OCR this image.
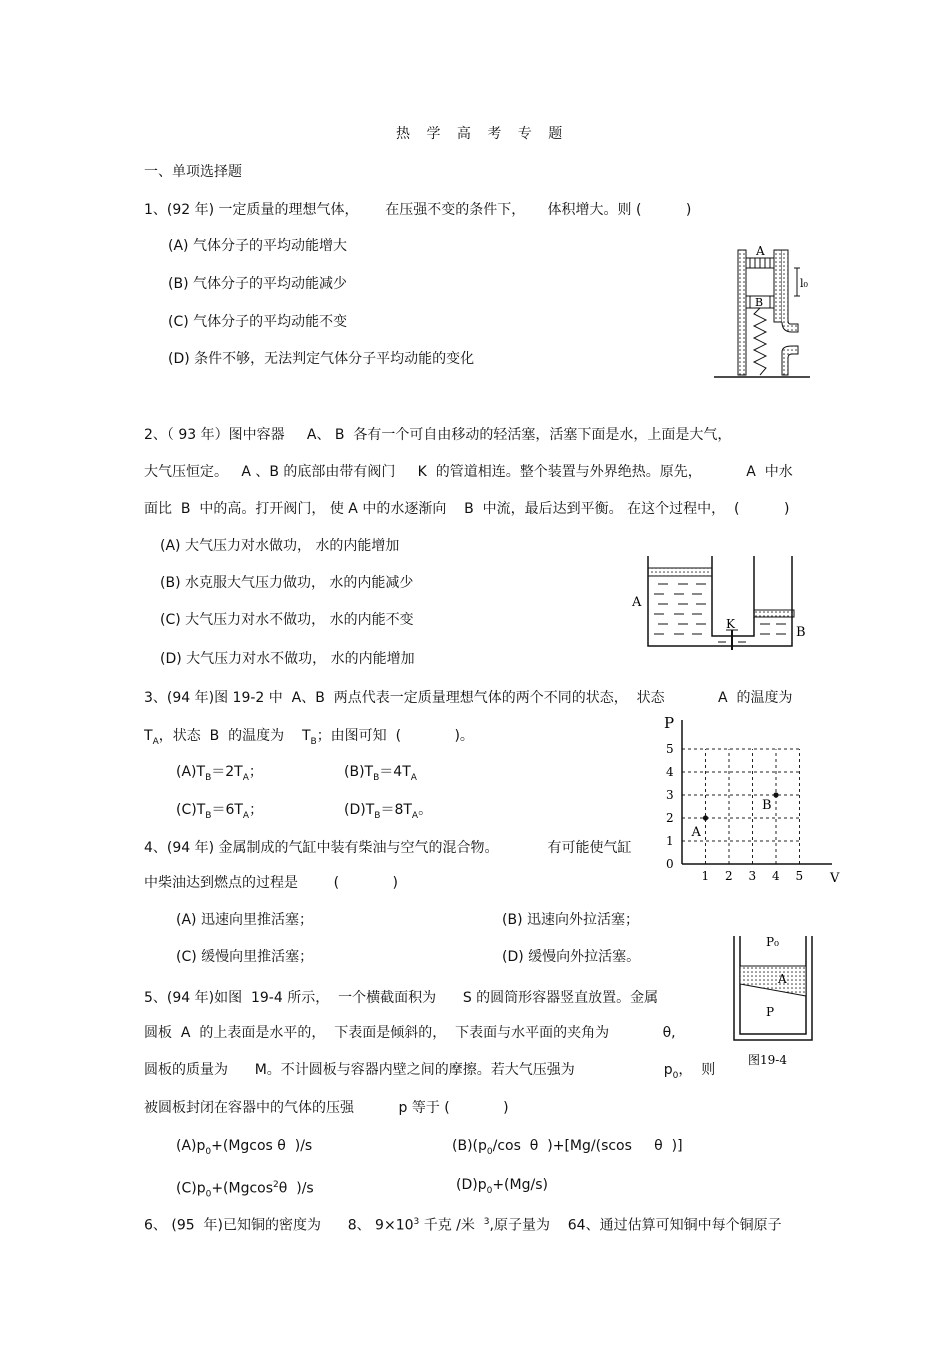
热 学 高 考 专 题
一、单项选择题
1、(92 年) 一定质量的理想气体，      在压强不变的条件下，     体积增大。则 (          )
(A) 气体分子的平均动能增大
(B) 气体分子的平均动能减少
(C) 气体分子的平均动能不变
(D) 条件不够，无法判定气体分子平均动能的变化
A
B
l₀
2、（ 93 年）图中容器     A、 B  各有一个可自由移动的轻活塞，活塞下面是水，上面是大气，
大气压恒定。   A 、B 的底部由带有阀门     K  的管道相连。整个装置与外界绝热。原先，          A  中水
面比  B  中的高。打开阀门， 使 A 中的水逐渐向    B  中流，最后达到平衡。 在这个过程中，  (          )
(A) 大气压力对水做功， 水的内能增加
(B) 水克服大气压力做功， 水的内能减少
(C) 大气压力对水不做功， 水的内能不变
(D) 大气压力对水不做功， 水的内能增加
A
K
B
3、(94 年)图 19-2 中  A、B  两点代表一定质量理想气体的两个不同的状态，  状态            A  的温度为
$T_A$，状态  B  的温度为    $T_B$；由图可知  (            )。
$(A)T_B=2T_A$；	$(B)T_B=4T_A$
$(C)T_B=6T_A$；	$(D)T_B=8T_A$。
1 2 3 4 5
0
1
2
3
4
5
V
P
A
B
4、(94 年) 金属制成的气缸中装有柴油与空气的混合物。           有可能使气缸
中柴油达到燃点的过程是        (            )
(A) 迅速向里推活塞；	(B) 迅速向外拉活塞；
(C) 缓慢向里推活塞；	(D) 缓慢向外拉活塞。
P₀
A
P
图19-4
5、(94 年)如图  19-4 所示，  一个横截面积为      S 的圆筒形容器竖直放置。金属
圆板  A  的上表面是水平的，  下表面是倾斜的，  下表面与水平面的夹角为            θ,
圆板的质量为      M。不计圆板与容器内壁之间的摩擦。若大气压强为                    $p_0$，  则
被圆板封闭在容器中的气体的压强          p 等于 (            )
$(A)p_0+(Mgcos$ θ  )/s	$(B)(p_0/\cos$  θ  )+[Mg/(scos     θ  )]
$(C)p_0+(Mgcos^2\theta$  )/s	$(D)p_0+(Mg/s)$
6、 (95  年)已知铜的密度为      8、 $9\times 10^3$ 千克 /米  $^3$,原子量为    64、通过估算可知铜中每个铜原子
